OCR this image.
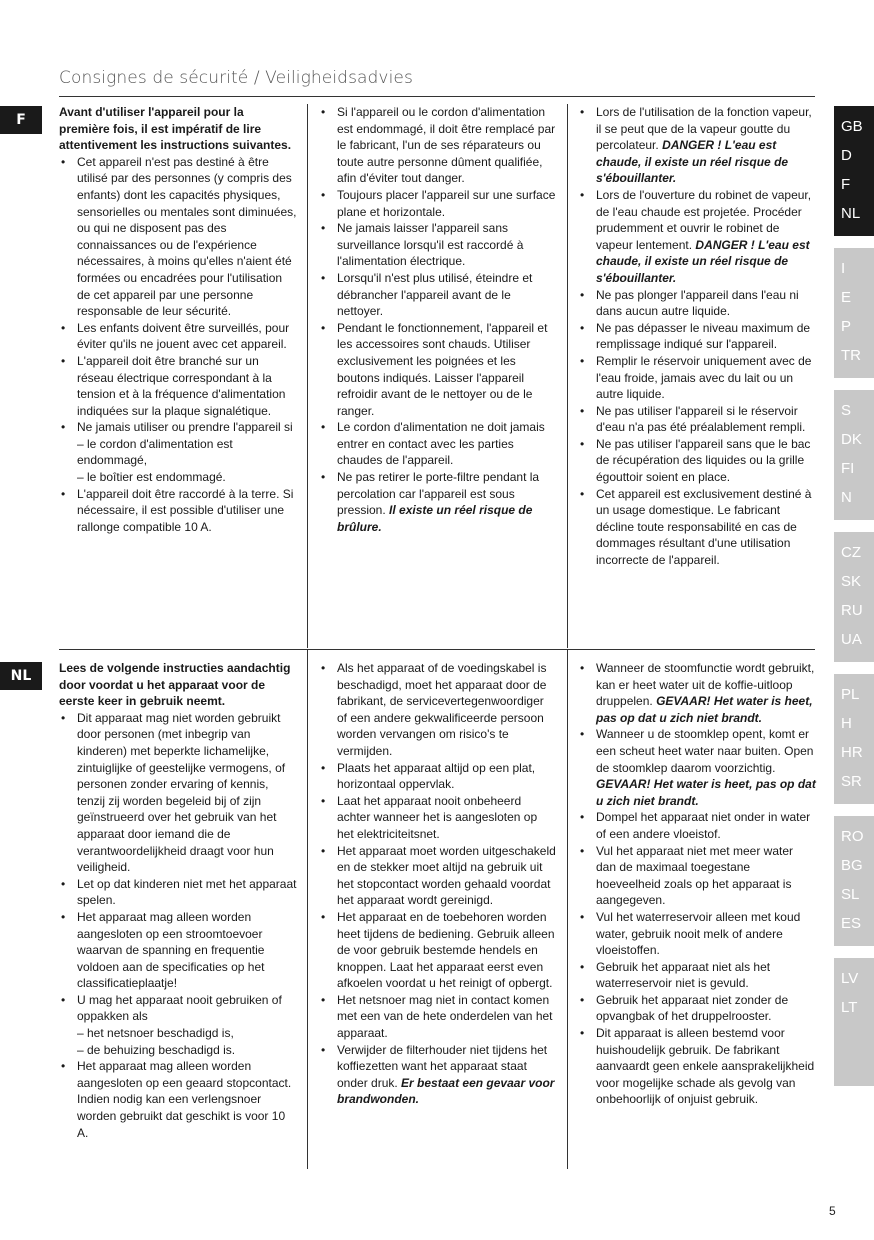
Consignes de sécurité / Veiligheidsadvies
F	Avant d'utiliser l'appareil pour la première fois, il est impératif de lire attentivement les instructions suivantes.

• Cet appareil n'est pas destiné à être utilisé par des personnes (y compris des enfants) dont les capacités physiques, sensorielles ou mentales sont diminuées, ou qui ne disposent pas des connaissances ou de l'expérience nécessaires, à moins qu'elles n'aient été formées ou encadrées pour l'utilisation de cet appareil par une personne responsable de leur sécurité.
• Les enfants doivent être surveillés, pour éviter qu'ils ne jouent avec cet appareil.
• L'appareil doit être branché sur un réseau électrique correspondant à la tension et à la fréquence d'alimentation indiquées sur la plaque signalétique.
• Ne jamais utiliser ou prendre l'appareil si
– le cordon d'alimentation est endommagé,
– le boîtier est endommagé.
• L'appareil doit être raccordé à la terre. Si nécessaire, il est possible d'utiliser une rallonge compatible 10 A.
• Si l'appareil ou le cordon d'alimentation est endommagé, il doit être remplacé par le fabricant, l'un de ses réparateurs ou toute autre personne dûment qualifiée, afin d'éviter tout danger.
• Toujours placer l'appareil sur une surface plane et horizontale.
• Ne jamais laisser l'appareil sans surveillance lorsqu'il est raccordé à l'alimentation électrique.
• Lorsqu'il n'est plus utilisé, éteindre et débrancher l'appareil avant de le nettoyer.
• Pendant le fonctionnement, l'appareil et les accessoires sont chauds. Utiliser exclusivement les poignées et les boutons indiqués. Laisser l'appareil refroidir avant de le nettoyer ou de le ranger.
• Le cordon d'alimentation ne doit jamais entrer en contact avec les parties chaudes de l'appareil.
• Ne pas retirer le porte-filtre pendant la percolation car l'appareil est sous pression. Il existe un réel risque de brûlure.
• Lors de l'utilisation de la fonction vapeur, il se peut que de la vapeur goutte du percolateur. DANGER ! L'eau est chaude, il existe un réel risque de s'ébouillanter.
• Lors de l'ouverture du robinet de vapeur, de l'eau chaude est projetée. Procéder prudemment et ouvrir le robinet de vapeur lentement. DANGER ! L'eau est chaude, il existe un réel risque de s'ébouillanter.
• Ne pas plonger l'appareil dans l'eau ni dans aucun autre liquide.
• Ne pas dépasser le niveau maximum de remplissage indiqué sur l'appareil.
• Remplir le réservoir uniquement avec de l'eau froide, jamais avec du lait ou un autre liquide.
• Ne pas utiliser l'appareil si le réservoir d'eau n'a pas été préalablement rempli.
• Ne pas utiliser l'appareil sans que le bac de récupération des liquides ou la grille égouttoir soient en place.
• Cet appareil est exclusivement destiné à un usage domestique. Le fabricant décline toute responsabilité en cas de dommages résultant d'une utilisation incorrecte de l'appareil.
NL	Lees de volgende instructies aandachtig door voordat u het apparaat voor de eerste keer in gebruik neemt.

• Dit apparaat mag niet worden gebruikt door personen (met inbegrip van kinderen) met beperkte lichamelijke, zintuiglijke of geestelijke vermogens, of personen zonder ervaring of kennis, tenzij zij worden begeleid bij of zijn geïnstrueerd over het gebruik van het apparaat door iemand die de verantwoordelijkheid draagt voor hun veiligheid.
• Let op dat kinderen niet met het apparaat spelen.
• Het apparaat mag alleen worden aangesloten op een stroomtoevoer waarvan de spanning en frequentie voldoen aan de specificaties op het classificatieplaatje!
• U mag het apparaat nooit gebruiken of oppakken als
– het netsnoer beschadigd is,
– de behuizing beschadigd is.
• Het apparaat mag alleen worden aangesloten op een geaard stopcontact. Indien nodig kan een verlengsnoer worden gebruikt dat geschikt is voor 10 A.
• Als het apparaat of de voedingskabel is beschadigd, moet het apparaat door de fabrikant, de servicevertegenwoordiger of een andere gekwalificeerde persoon worden vervangen om risico's te vermijden.
• Plaats het apparaat altijd op een plat, horizontaal oppervlak.
• Laat het apparaat nooit onbeheerd achter wanneer het is aangesloten op het elektriciteitsnet.
• Het apparaat moet worden uitgeschakeld en de stekker moet altijd na gebruik uit het stopcontact worden gehaald voordat het apparaat wordt gereinigd.
• Het apparaat en de toebehoren worden heet tijdens de bediening. Gebruik alleen de voor gebruik bestemde hendels en knoppen. Laat het apparaat eerst even afkoelen voordat u het reinigt of opbergt.
• Het netsnoer mag niet in contact komen met een van de hete onderdelen van het apparaat.
• Verwijder de filterhouder niet tijdens het koffiezetten want het apparaat staat onder druk. Er bestaat een gevaar voor brandwonden.
• Wanneer de stoomfunctie wordt gebruikt, kan er heet water uit de koffie-uitloop druppelen. GEVAAR! Het water is heet, pas op dat u zich niet brandt.
• Wanneer u de stoomklep opent, komt er een scheut heet water naar buiten. Open de stoomklep daarom voorzichtig. GEVAAR! Het water is heet, pas op dat u zich niet brandt.
• Dompel het apparaat niet onder in water of een andere vloeistof.
• Vul het apparaat niet met meer water dan de maximaal toegestane hoeveelheid zoals op het apparaat is aangegeven.
• Vul het waterreservoir alleen met koud water, gebruik nooit melk of andere vloeistoffen.
• Gebruik het apparaat niet als het waterreservoir niet is gevuld.
• Gebruik het apparaat niet zonder de opvangbak of het druppelrooster.
• Dit apparaat is alleen bestemd voor huishoudelijk gebruik. De fabrikant aanvaardt geen enkele aansprakelijkheid voor mogelijke schade als gevolg van onbehoorlijk of onjuist gebruik.
GB
D
F
NL
I
E
P
TR
S
DK
FI
N
CZ
SK
RU
UA
PL
H
HR
SR
RO
BG
SL
ES
LV
LT
5
